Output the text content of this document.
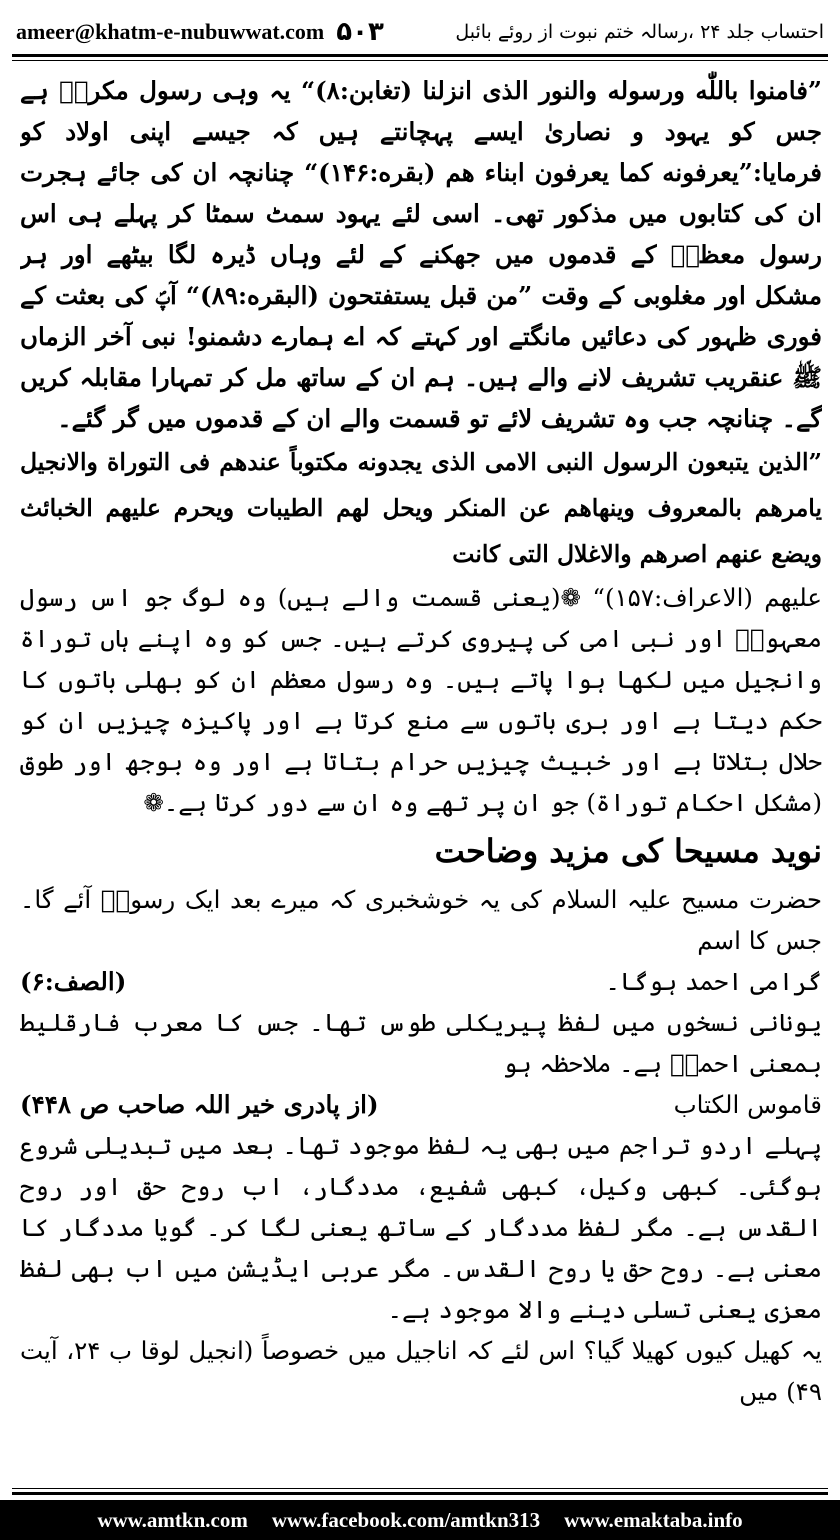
ameer@khatm-e-nubuwwat.com ۵۰۳	احتساب جلد ۲۴ ،رسالہ ختم نبوت از روئے بائبل

”فامنوا باللّٰه ورسوله والنور الذی انزلنا (تغابن:۸)“ یہ وہی رسول مکرمؐ ہے جس کو یہود و نصاریٰ ایسے پہچانتے ہیں کہ جیسے اپنی اولاد کو فرمایا:”یعرفونه کما یعرفون ابناء هم (بقره:۱۴۶)“ چنانچہ ان کی جائے ہجرت ان کی کتابوں میں مذکور تھی۔ اسی لئے یہود سمٹ سمٹا کر پہلے ہی اس رسول معظمؐ کے قدموں میں جھکنے کے لئے وہاں ڈیرہ لگا بیٹھے اور ہر مشکل اور مغلوبی کے وقت ”من قبل یستفتحون (البقره:۸۹)“ آپؐ کی بعثت کے فوری ظہور کی دعائیں مانگتے اور کہتے کہ اے ہمارے دشمنو! نبی آخر الزماں ﷺ عنقریب تشریف لانے والے ہیں۔ ہم ان کے ساتھ مل کر تمہارا مقابلہ کریں گے۔ چنانچہ جب وہ تشریف لائے تو قسمت والے ان کے قدموں میں گر گئے۔

”الذین یتبعون الرسول النبی الامی الذی یجدونه مکتوباً عندهم فی التوراة والانجیل یامرهم بالمعروف وینهاهم عن المنکر ویحل لهم الطیبات ویحرم علیهم الخبائث ویضع عنهم اصرهم والاغلال التی کانت

علیهم (الاعراف:۱۵۷)“ ❁(یعنی قسمت والے ہیں) وہ لوگ جو اس رسول معہودؐ اور نبی امی کی پیروی کرتے ہیں۔ جس کو وہ اپنے ہاں توراۃ وانجیل میں لکھا ہوا پاتے ہیں۔ وہ رسول معظم ان کو بھلی باتوں کا حکم دیتا ہے اور بری باتوں سے منع کرتا ہے اور پاکیزہ چیزیں ان کو حلال بتلاتا ہے اور خبیث چیزیں حرام بتاتا ہے اور وہ بوجھ اور طوق (مشکل احکام توراۃ) جو ان پر تھے وہ ان سے دور کرتا ہے۔❁

نوید مسیحا کی مزید وضاحت

حضرت مسیح علیہ السلام کی یہ خوشخبری کہ میرے بعد ایک رسولؐ آئے گا۔ جس کا اسم

گرامی احمد ہوگا۔
(الصف:۶)

یونانی نسخوں میں لفظ پیریکلی طوس تھا۔ جس کا معرب فارقلیط بمعنی احمدؐ ہے۔ ملاحظہ ہو

قاموس الکتاب
(از پادری خیر اللہ صاحب ص ۴۴۸)

پہلے اردو تراجم میں بھی یہ لفظ موجود تھا۔ بعد میں تبدیلی شروع ہوگئی۔ کبھی وکیل، کبھی شفیع، مددگار، اب روح حق اور روح القدس ہے۔ مگر لفظ مددگار کے ساتھ یعنی لگا کر۔ گویا مددگار کا معنی ہے۔ روح حق یا روح القدس۔ مگر عربی ایڈیشن میں اب بھی لفظ معزی یعنی تسلی دینے والا موجود ہے۔

یہ کھیل کیوں کھیلا گیا؟ اس لئے کہ اناجیل میں خصوصاً (انجیل لوقا ب ۲۴، آیت ۴۹) میں

www.amtkn.com www.facebook.com/amtkn313 www.emaktaba.info
